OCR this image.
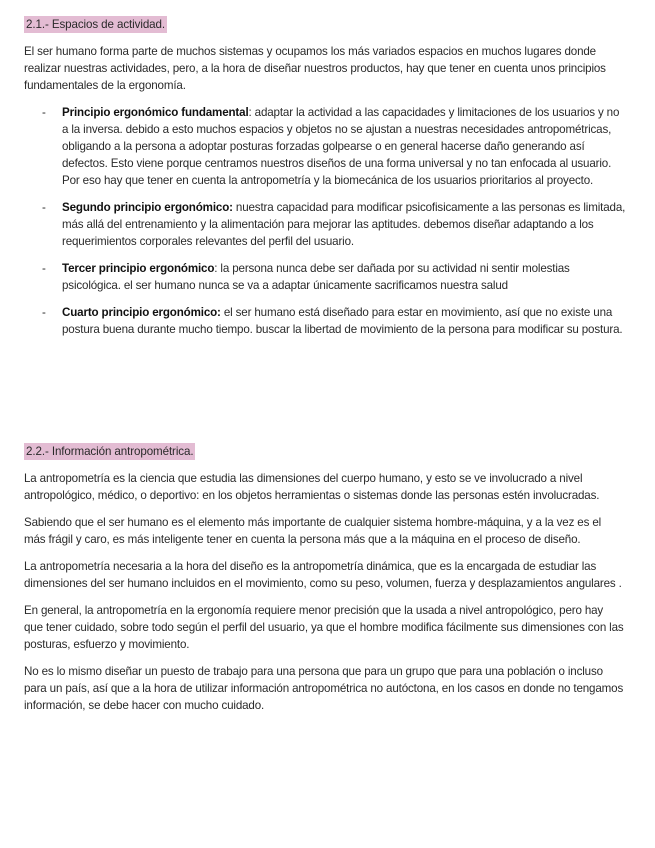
2.1.- Espacios de actividad.

El ser humano forma parte de muchos sistemas y ocupamos los más variados espacios en muchos lugares donde realizar nuestras actividades, pero, a la hora de diseñar nuestros productos, hay que tener en cuenta unos principios fundamentales de la ergonomía.

- Principio ergonómico fundamental: adaptar la actividad a las capacidades y limitaciones de los usuarios y no a la inversa. debido a esto muchos espacios y objetos no se ajustan a nuestras necesidades antropométricas, obligando a la persona a adoptar posturas forzadas golpearse o en general hacerse daño generando así defectos. Esto viene porque centramos nuestros diseños de una forma universal y no tan enfocada al usuario. Por eso hay que tener en cuenta la antropometría y la biomecánica de los usuarios prioritarios al proyecto.
- Segundo principio ergonómico: nuestra capacidad para modificar psicofisicamente a las personas es limitada, más allá del entrenamiento y la alimentación para mejorar las aptitudes. debemos diseñar adaptando a los requerimientos corporales relevantes del perfil del usuario.
- Tercer principio ergonómico: la persona nunca debe ser dañada por su actividad ni sentir molestias psicológica. el ser humano nunca se va a adaptar únicamente sacrificamos nuestra salud
- Cuarto principio ergonómico: el ser humano está diseñado para estar en movimiento, así que no existe una postura buena durante mucho tiempo. buscar la libertad de movimiento de la persona para modificar su postura.
2.2.- Información antropométrica.

La antropometría es la ciencia que estudia las dimensiones del cuerpo humano, y esto se ve involucrado a nivel antropológico, médico, o deportivo: en los objetos herramientas o sistemas donde las personas estén involucradas.

Sabiendo que el ser humano es el elemento más importante de cualquier sistema hombre-máquina, y a la vez es el más frágil y caro, es más inteligente tener en cuenta la persona más que a la máquina en el proceso de diseño.

La antropometría necesaria a la hora del diseño es la antropometría dinámica, que es la encargada de estudiar las dimensiones del ser humano incluidos en el movimiento, como su peso, volumen, fuerza y desplazamientos angulares .

En general, la antropometría en la ergonomía requiere menor precisión que la usada a nivel antropológico, pero hay que tener cuidado, sobre todo según el perfil del usuario, ya que el hombre modifica fácilmente sus dimensiones con las posturas, esfuerzo y movimiento.

No es lo mismo diseñar un puesto de trabajo para una persona que para un grupo que para una población o incluso para un país, así que a la hora de utilizar información antropométrica no autóctona, en los casos en donde no tengamos información, se debe hacer con mucho cuidado.
